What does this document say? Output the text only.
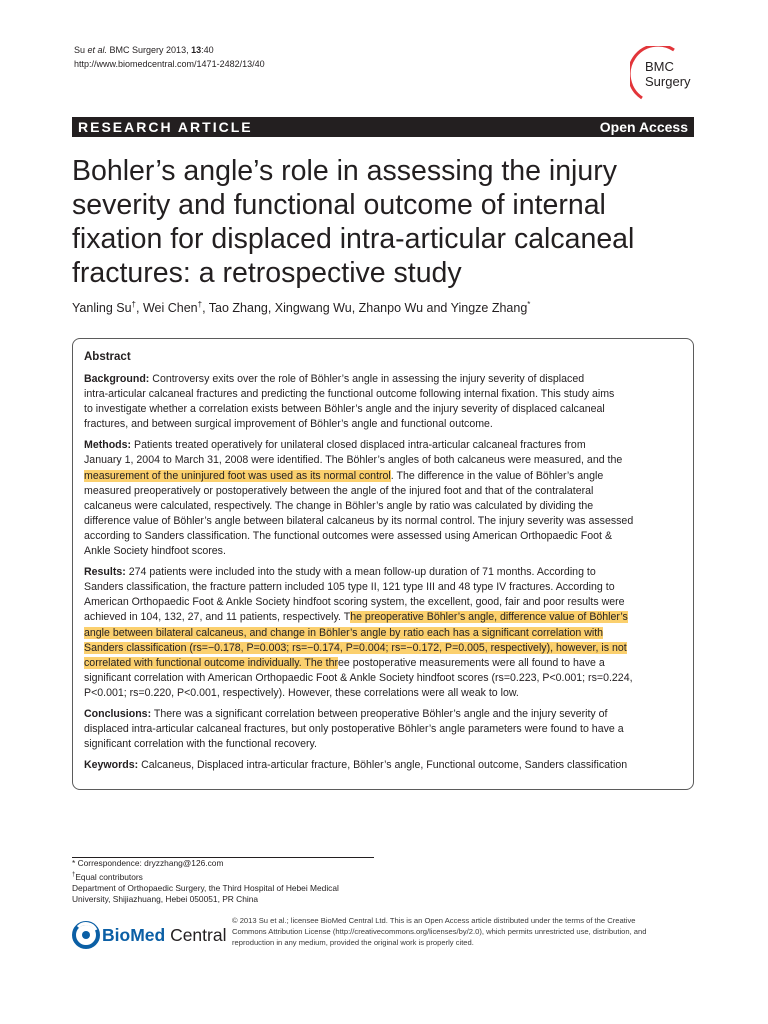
Su et al. BMC Surgery 2013, 13:40
http://www.biomedcentral.com/1471-2482/13/40	BMC
Surgery
RESEARCH ARTICLE	Open Access
Bohler’s angle’s role in assessing the injury
severity and functional outcome of internal
fixation for displaced intra-articular calcaneal
fractures: a retrospective study
Yanling Su†, Wei Chen†, Tao Zhang, Xingwang Wu, Zhanpo Wu and Yingze Zhang*
Abstract

Background: Controversy exits over the role of Böhler’s angle in assessing the injury severity of displaced
intra-articular calcaneal fractures and predicting the functional outcome following internal fixation. This study aims
to investigate whether a correlation exists between Böhler’s angle and the injury severity of displaced calcaneal
fractures, and between surgical improvement of Böhler’s angle and functional outcome.

Methods: Patients treated operatively for unilateral closed displaced intra-articular calcaneal fractures from
January 1, 2004 to March 31, 2008 were identified. The Böhler’s angles of both calcaneus were measured, and the
measurement of the uninjured foot was used as its normal control. The difference in the value of Böhler’s angle
measured preoperatively or postoperatively between the angle of the injured foot and that of the contralateral
calcaneus were calculated, respectively. The change in Böhler’s angle by ratio was calculated by dividing the
difference value of Böhler’s angle between bilateral calcaneus by its normal control. The injury severity was assessed
according to Sanders classification. The functional outcomes were assessed using American Orthopaedic Foot &
Ankle Society hindfoot scores.

Results: 274 patients were included into the study with a mean follow-up duration of 71 months. According to
Sanders classification, the fracture pattern included 105 type II, 121 type III and 48 type IV fractures. According to
American Orthopaedic Foot & Ankle Society hindfoot scoring system, the excellent, good, fair and poor results were
achieved in 104, 132, 27, and 11 patients, respectively. The preoperative Böhler’s angle, difference value of Böhler’s
angle between bilateral calcaneus, and change in Böhler’s angle by ratio each has a significant correlation with
Sanders classification (rs=−0.178, P=0.003; rs=−0.174, P=0.004; rs=−0.172, P=0.005, respectively), however, is not
correlated with functional outcome individually. The three postoperative measurements were all found to have a
significant correlation with American Orthopaedic Foot & Ankle Society hindfoot scores (rs=0.223, P<0.001; rs=0.224,
P<0.001; rs=0.220, P<0.001, respectively). However, these correlations were all weak to low.

Conclusions: There was a significant correlation between preoperative Böhler’s angle and the injury severity of
displaced intra-articular calcaneal fractures, but only postoperative Böhler’s angle parameters were found to have a
significant correlation with the functional recovery.

Keywords: Calcaneus, Displaced intra-articular fracture, Böhler’s angle, Functional outcome, Sanders classification

* Correspondence: dryzzhang@126.com
†Equal contributors
Department of Orthopaedic Surgery, the Third Hospital of Hebei Medical
University, Shijiazhuang, Hebei 050051, PR China
BioMed Central
© 2013 Su et al.; licensee BioMed Central Ltd. This is an Open Access article distributed under the terms of the Creative
Commons Attribution License (http://creativecommons.org/licenses/by/2.0), which permits unrestricted use, distribution, and
reproduction in any medium, provided the original work is properly cited.
